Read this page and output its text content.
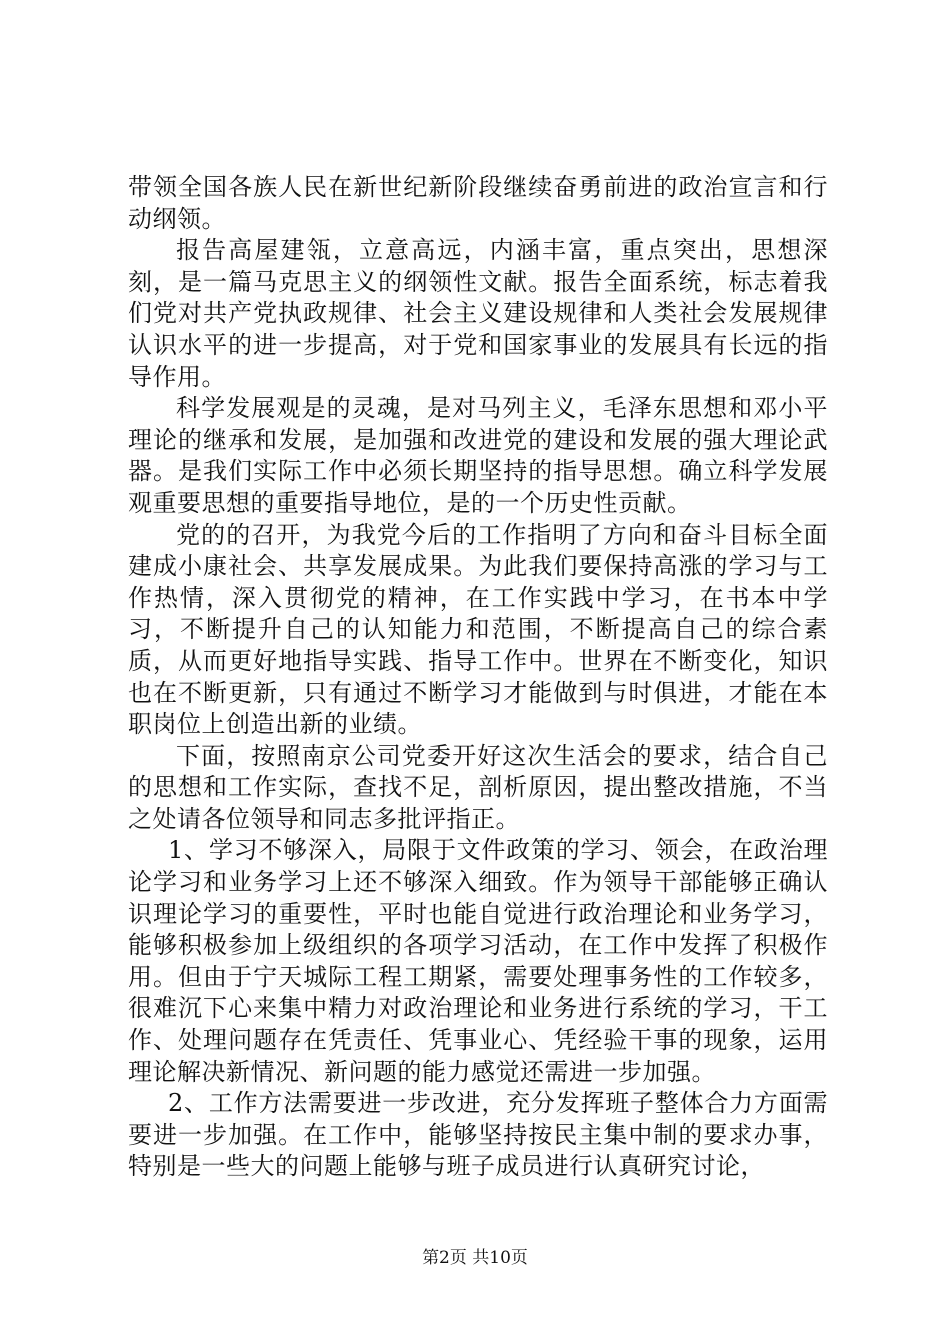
带领全国各族人民在新世纪新阶段继续奋勇前进的政治宣言和行动纲领。

报告高屋建瓴，立意高远，内涵丰富，重点突出，思想深刻，是一篇马克思主义的纲领性文献。报告全面系统，标志着我们党对共产党执政规律、社会主义建设规律和人类社会发展规律认识水平的进一步提高，对于党和国家事业的发展具有长远的指导作用。

科学发展观是的灵魂，是对马列主义，毛泽东思想和邓小平理论的继承和发展，是加强和改进党的建设和发展的强大理论武器。是我们实际工作中必须长期坚持的指导思想。确立科学发展观重要思想的重要指导地位，是的一个历史性贡献。

党的的召开，为我党今后的工作指明了方向和奋斗目标全面建成小康社会、共享发展成果。为此我们要保持高涨的学习与工作热情，深入贯彻党的精神，在工作实践中学习，在书本中学习，不断提升自己的认知能力和范围，不断提高自己的综合素质，从而更好地指导实践、指导工作中。世界在不断变化，知识也在不断更新，只有通过不断学习才能做到与时俱进，才能在本职岗位上创造出新的业绩。

下面，按照南京公司党委开好这次生活会的要求，结合自己的思想和工作实际，查找不足，剖析原因，提出整改措施，不当之处请各位领导和同志多批评指正。

1、学习不够深入，局限于文件政策的学习、领会，在政治理论学习和业务学习上还不够深入细致。作为领导干部能够正确认识理论学习的重要性，平时也能自觉进行政治理论和业务学习，能够积极参加上级组织的各项学习活动，在工作中发挥了积极作用。但由于宁天城际工程工期紧，需要处理事务性的工作较多，很难沉下心来集中精力对政治理论和业务进行系统的学习，干工作、处理问题存在凭责任、凭事业心、凭经验干事的现象，运用理论解决新情况、新问题的能力感觉还需进一步加强。

2、工作方法需要进一步改进，充分发挥班子整体合力方面需要进一步加强。在工作中，能够坚持按民主集中制的要求办事，特别是一些大的问题上能够与班子成员进行认真研究讨论，

第2页 共10页
